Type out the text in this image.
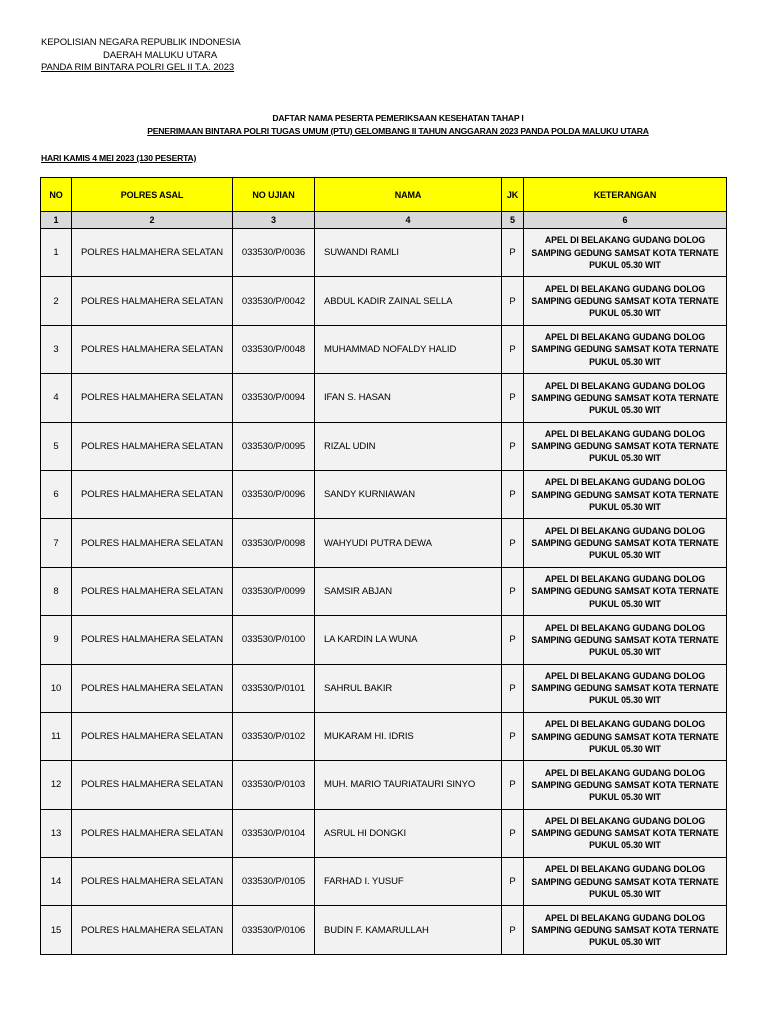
KEPOLISIAN NEGARA REPUBLIK INDONESIA
DAERAH MALUKU UTARA
PANDA RIM BINTARA POLRI GEL II T.A. 2023
DAFTAR NAMA PESERTA PEMERIKSAAN KESEHATAN TAHAP I
PENERIMAAN BINTARA POLRI TUGAS UMUM (PTU) GELOMBANG II TAHUN ANGGARAN 2023 PANDA POLDA MALUKU UTARA
HARI KAMIS 4 MEI 2023 (130 PESERTA)
NO	POLRES ASAL	NO UJIAN	NAMA	JK	KETERANGAN
1	2	3	4	5	6
1	POLRES HALMAHERA SELATAN	033530/P/0036	SUWANDI RAMLI	P	APEL DI BELAKANG GUDANG DOLOG
SAMPING GEDUNG SAMSAT KOTA TERNATE
PUKUL 05.30 WIT

2	POLRES HALMAHERA SELATAN	033530/P/0042	ABDUL KADIR ZAINAL SELLA	P	APEL DI BELAKANG GUDANG DOLOG
SAMPING GEDUNG SAMSAT KOTA TERNATE
PUKUL 05.30 WIT

3	POLRES HALMAHERA SELATAN	033530/P/0048	MUHAMMAD NOFALDY HALID	P	APEL DI BELAKANG GUDANG DOLOG
SAMPING GEDUNG SAMSAT KOTA TERNATE
PUKUL 05.30 WIT

4	POLRES HALMAHERA SELATAN	033530/P/0094	IFAN S. HASAN	P	APEL DI BELAKANG GUDANG DOLOG
SAMPING GEDUNG SAMSAT KOTA TERNATE
PUKUL 05.30 WIT

5	POLRES HALMAHERA SELATAN	033530/P/0095	RIZAL UDIN	P	APEL DI BELAKANG GUDANG DOLOG
SAMPING GEDUNG SAMSAT KOTA TERNATE
PUKUL 05.30 WIT

6	POLRES HALMAHERA SELATAN	033530/P/0096	SANDY KURNIAWAN	P	APEL DI BELAKANG GUDANG DOLOG
SAMPING GEDUNG SAMSAT KOTA TERNATE
PUKUL 05.30 WIT

7	POLRES HALMAHERA SELATAN	033530/P/0098	WAHYUDI PUTRA DEWA	P	APEL DI BELAKANG GUDANG DOLOG
SAMPING GEDUNG SAMSAT KOTA TERNATE
PUKUL 05.30 WIT

8	POLRES HALMAHERA SELATAN	033530/P/0099	SAMSIR ABJAN	P	APEL DI BELAKANG GUDANG DOLOG
SAMPING GEDUNG SAMSAT KOTA TERNATE
PUKUL 05.30 WIT

9	POLRES HALMAHERA SELATAN	033530/P/0100	LA KARDIN LA WUNA	P	APEL DI BELAKANG GUDANG DOLOG
SAMPING GEDUNG SAMSAT KOTA TERNATE
PUKUL 05.30 WIT

10	POLRES HALMAHERA SELATAN	033530/P/0101	SAHRUL BAKIR	P	APEL DI BELAKANG GUDANG DOLOG
SAMPING GEDUNG SAMSAT KOTA TERNATE
PUKUL 05.30 WIT

11	POLRES HALMAHERA SELATAN	033530/P/0102	MUKARAM HI. IDRIS	P	APEL DI BELAKANG GUDANG DOLOG
SAMPING GEDUNG SAMSAT KOTA TERNATE
PUKUL 05.30 WIT

12	POLRES HALMAHERA SELATAN	033530/P/0103	MUH. MARIO TAURIATAURI SINYO	P	APEL DI BELAKANG GUDANG DOLOG
SAMPING GEDUNG SAMSAT KOTA TERNATE
PUKUL 05.30 WIT

13	POLRES HALMAHERA SELATAN	033530/P/0104	ASRUL HI DONGKI	P	APEL DI BELAKANG GUDANG DOLOG
SAMPING GEDUNG SAMSAT KOTA TERNATE
PUKUL 05.30 WIT

14	POLRES HALMAHERA SELATAN	033530/P/0105	FARHAD I. YUSUF	P	APEL DI BELAKANG GUDANG DOLOG
SAMPING GEDUNG SAMSAT KOTA TERNATE
PUKUL 05.30 WIT

15	POLRES HALMAHERA SELATAN	033530/P/0106	BUDIN F. KAMARULLAH	P	APEL DI BELAKANG GUDANG DOLOG
SAMPING GEDUNG SAMSAT KOTA TERNATE
PUKUL 05.30 WIT
